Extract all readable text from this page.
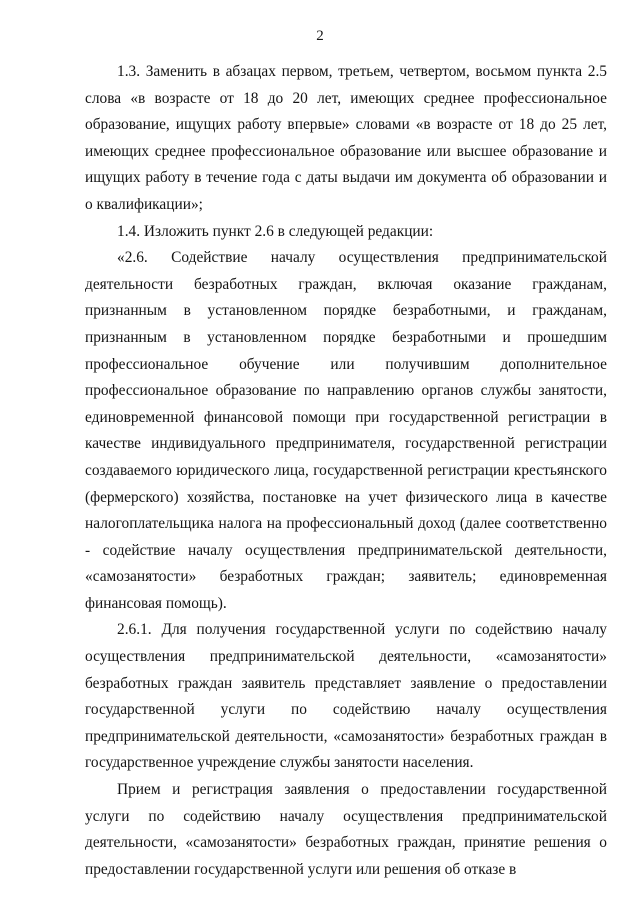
2

1.3. Заменить в абзацах первом, третьем, четвертом, восьмом пункта 2.5 слова «в возрасте от 18 до 20 лет, имеющих среднее профессиональное образование, ищущих работу впервые» словами «в возрасте от 18 до 25 лет, имеющих среднее профессиональное образование или высшее образование и ищущих работу в течение года с даты выдачи им документа об образовании и о квалификации»;

1.4. Изложить пункт 2.6 в следующей редакции:

«2.6. Содействие началу осуществления предпринимательской деятельности безработных граждан, включая оказание гражданам, признанным в установленном порядке безработными, и гражданам, признанным в установленном порядке безработными и прошедшим профессиональное обучение или получившим дополнительное профессиональное образование по направлению органов службы занятости, единовременной финансовой помощи при государственной регистрации в качестве индивидуального предпринимателя, государственной регистрации создаваемого юридического лица, государственной регистрации крестьянского (фермерского) хозяйства, постановке на учет физического лица в качестве налогоплательщика налога на профессиональный доход (далее соответственно - содействие началу осуществления предпринимательской деятельности, «самозанятости» безработных граждан; заявитель; единовременная финансовая помощь).

2.6.1. Для получения государственной услуги по содействию началу осуществления предпринимательской деятельности, «самозанятости» безработных граждан заявитель представляет заявление о предоставлении государственной услуги по содействию началу осуществления предпринимательской деятельности, «самозанятости» безработных граждан в государственное учреждение службы занятости населения.

Прием и регистрация заявления о предоставлении государственной услуги по содействию началу осуществления предпринимательской деятельности, «самозанятости» безработных граждан, принятие решения о предоставлении государственной услуги или решения об отказе в
